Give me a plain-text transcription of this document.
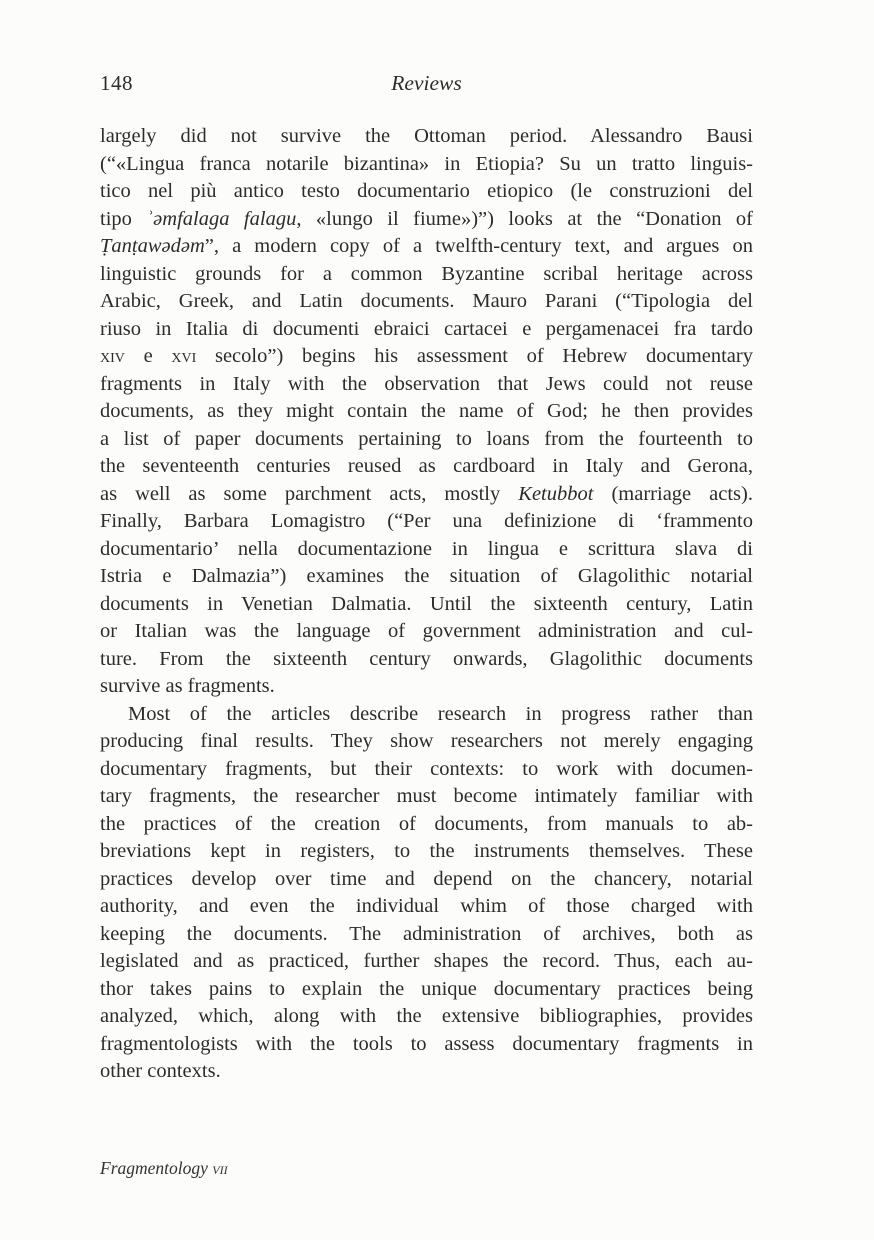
148	Reviews
largely did not survive the Ottoman period. Alessandro Bausi
(“«Lingua franca notarile bizantina» in Etiopia? Su un tratto linguis-
tico nel più antico testo documentario etiopico (le construzioni del
tipo ʾəmfalaga falagu, «lungo il fiume»)”) looks at the “Donation of
Ṭanṭawədəm”, a modern copy of a twelfth-century text, and argues on
linguistic grounds for a common Byzantine scribal heritage across
Arabic, Greek, and Latin documents. Mauro Parani (“Tipologia del
riuso in Italia di documenti ebraici cartacei e pergamenacei fra tardo
xiv e xvi secolo”) begins his assessment of Hebrew documentary
fragments in Italy with the observation that Jews could not reuse
documents, as they might contain the name of God; he then provides
a list of paper documents pertaining to loans from the fourteenth to
the seventeenth centuries reused as cardboard in Italy and Gerona,
as well as some parchment acts, mostly Ketubbot (marriage acts).
Finally, Barbara Lomagistro (“Per una definizione di ‘frammento
documentario’ nella documentazione in lingua e scrittura slava di
Istria e Dalmazia”) examines the situation of Glagolithic notarial
documents in Venetian Dalmatia. Until the sixteenth century, Latin
or Italian was the language of government administration and cul-
ture. From the sixteenth century onwards, Glagolithic documents
survive as fragments.
Most of the articles describe research in progress rather than
producing final results. They show researchers not merely engaging
documentary fragments, but their contexts: to work with documen-
tary fragments, the researcher must become intimately familiar with
the practices of the creation of documents, from manuals to ab-
breviations kept in registers, to the instruments themselves. These
practices develop over time and depend on the chancery, notarial
authority, and even the individual whim of those charged with
keeping the documents. The administration of archives, both as
legislated and as practiced, further shapes the record. Thus, each au-
thor takes pains to explain the unique documentary practices being
analyzed, which, along with the extensive bibliographies, provides
fragmentologists with the tools to assess documentary fragments in
other contexts.
Fragmentology vii
